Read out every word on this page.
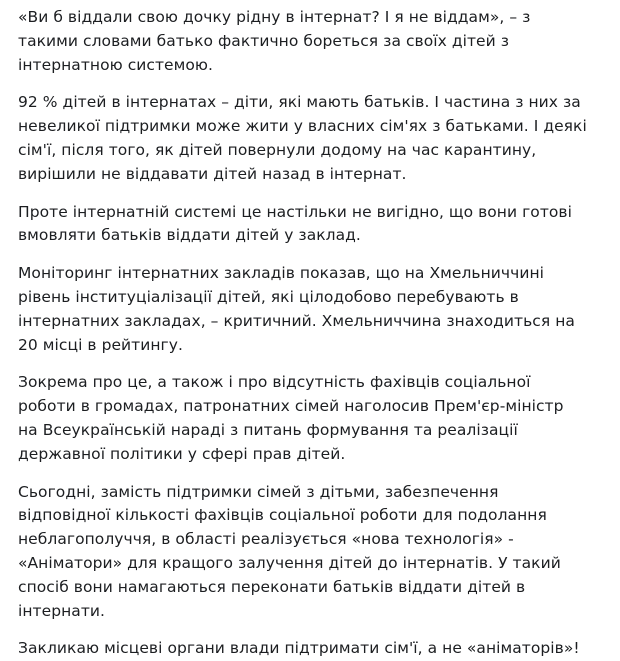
«Ви б віддали свою дочку рідну в інтернат? І я не віддам», – з
такими словами батько фактично бореться за своїх дітей з
інтернатною системою.

92 % дітей в інтернатах – діти, які мають батьків. І частина з них за
невеликої підтримки може жити у власних сім'ях з батьками. І деякі
сім'ї, після того, як дітей повернули додому на час карантину,
вирішили не віддавати дітей назад в інтернат.

Проте інтернатній системі це настільки не вигідно, що вони готові
вмовляти батьків віддати дітей у заклад.

Моніторинг інтернатних закладів показав, що на Хмельниччині
рівень інституціалізації дітей, які цілодобово перебувають в
інтернатних закладах, – критичний. Хмельниччина знаходиться на
20 місці в рейтингу.

Зокрема про це, а також і про відсутність фахівців соціальної
роботи в громадах, патронатних сімей наголосив Прем'єр-міністр
на Всеукраїнській нараді з питань формування та реалізації
державної політики у сфері прав дітей.

Сьогодні, замість підтримки сімей з дітьми, забезпечення
відповідної кількості фахівців соціальної роботи для подолання
неблагополуччя, в області реалізується «нова технологія» -
«Аніматори» для кращого залучення дітей до інтернатів. У такий
спосіб вони намагаються переконати батьків віддати дітей в
інтернати.

Закликаю місцеві органи влади підтримати сім'ї, а не «аніматорів»!
